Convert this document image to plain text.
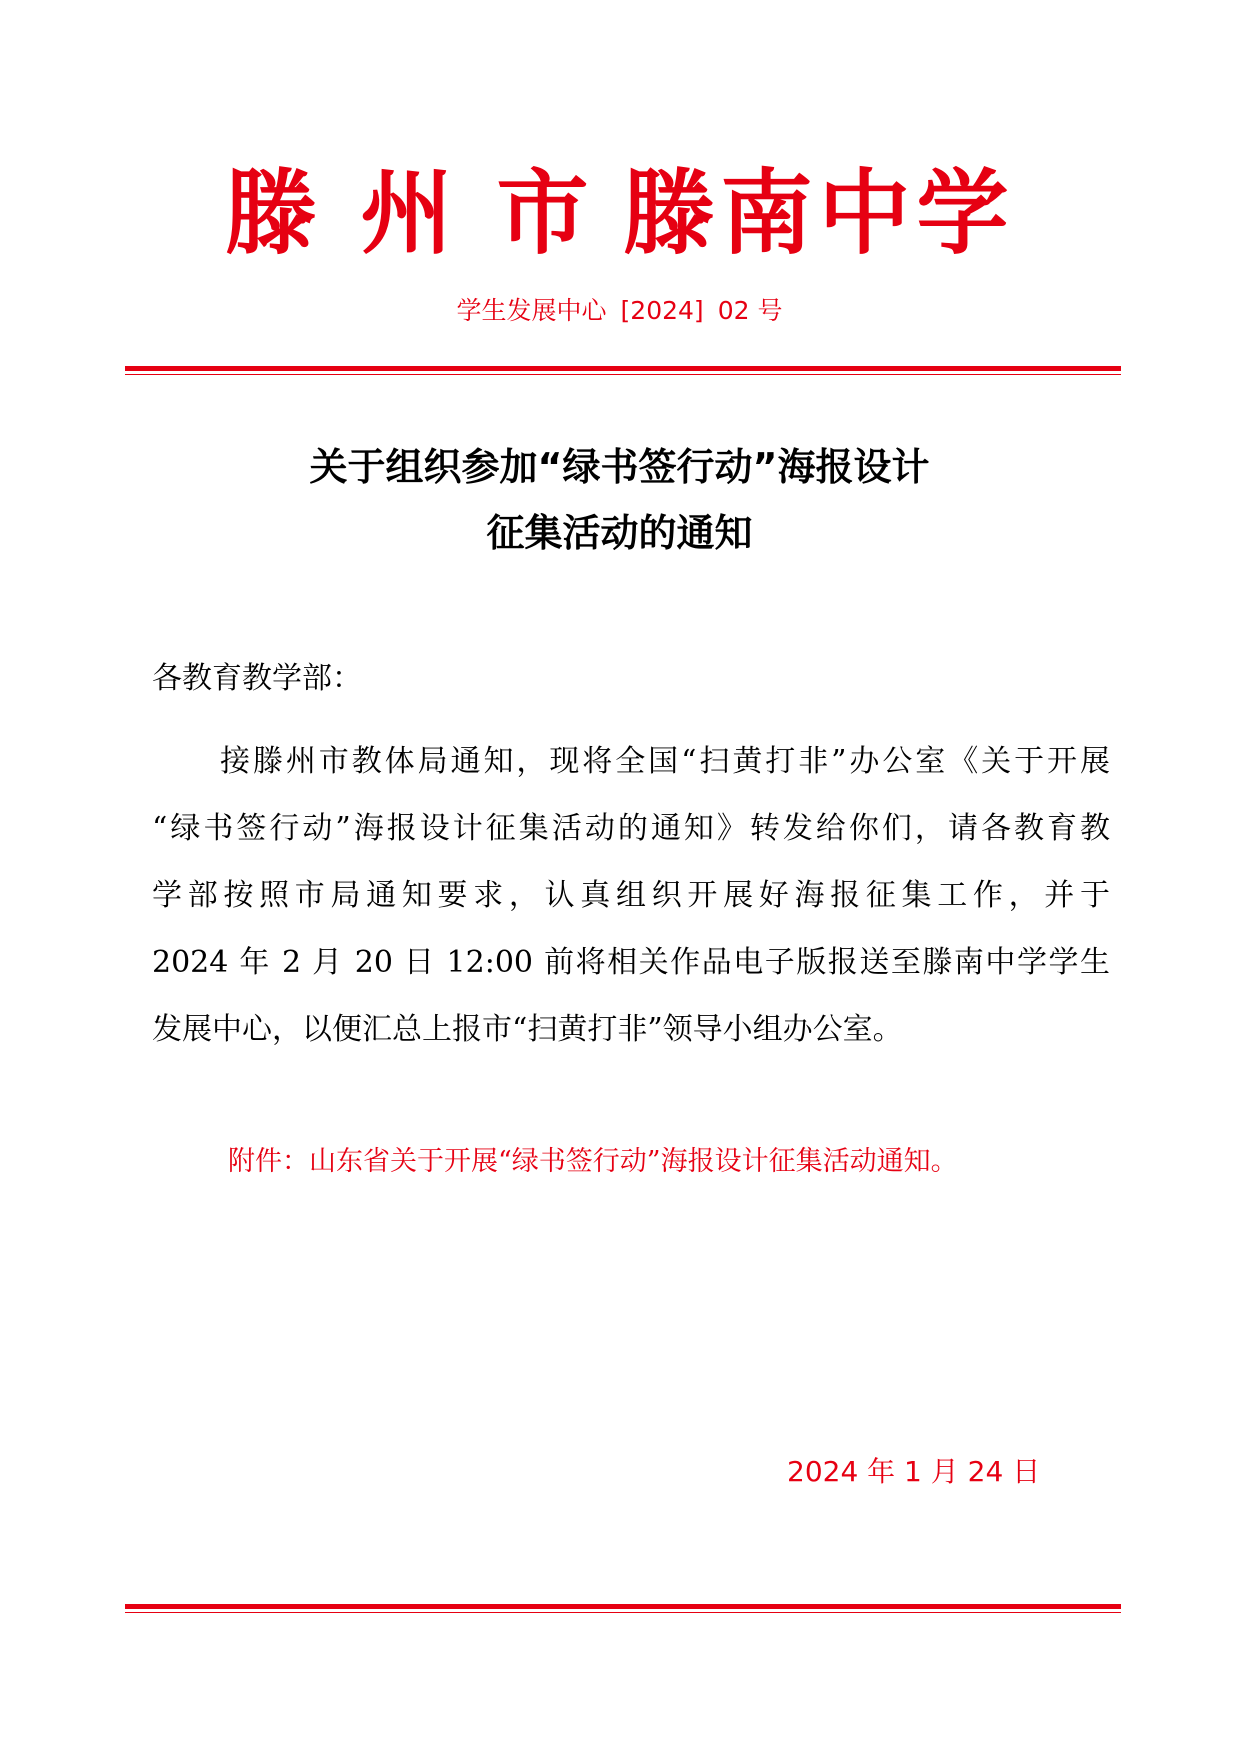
滕 州 市 滕南中学
学生发展中心 [2024] 02 号
关于组织参加“绿书签行动”海报设计
征集活动的通知
各教育教学部：
接滕州市教体局通知，现将全国“扫黄打非”办公室《关于开展
“绿书签行动”海报设计征集活动的通知》转发给你们，请各教育教
学部按照市局通知要求，认真组织开展好海报征集工作，并于
2024 年 2 月 20 日 12:00 前将相关作品电子版报送至滕南中学学生
发展中心，以便汇总上报市“扫黄打非”领导小组办公室。
附件：山东省关于开展“绿书签行动”海报设计征集活动通知。
2024 年 1 月 24 日
